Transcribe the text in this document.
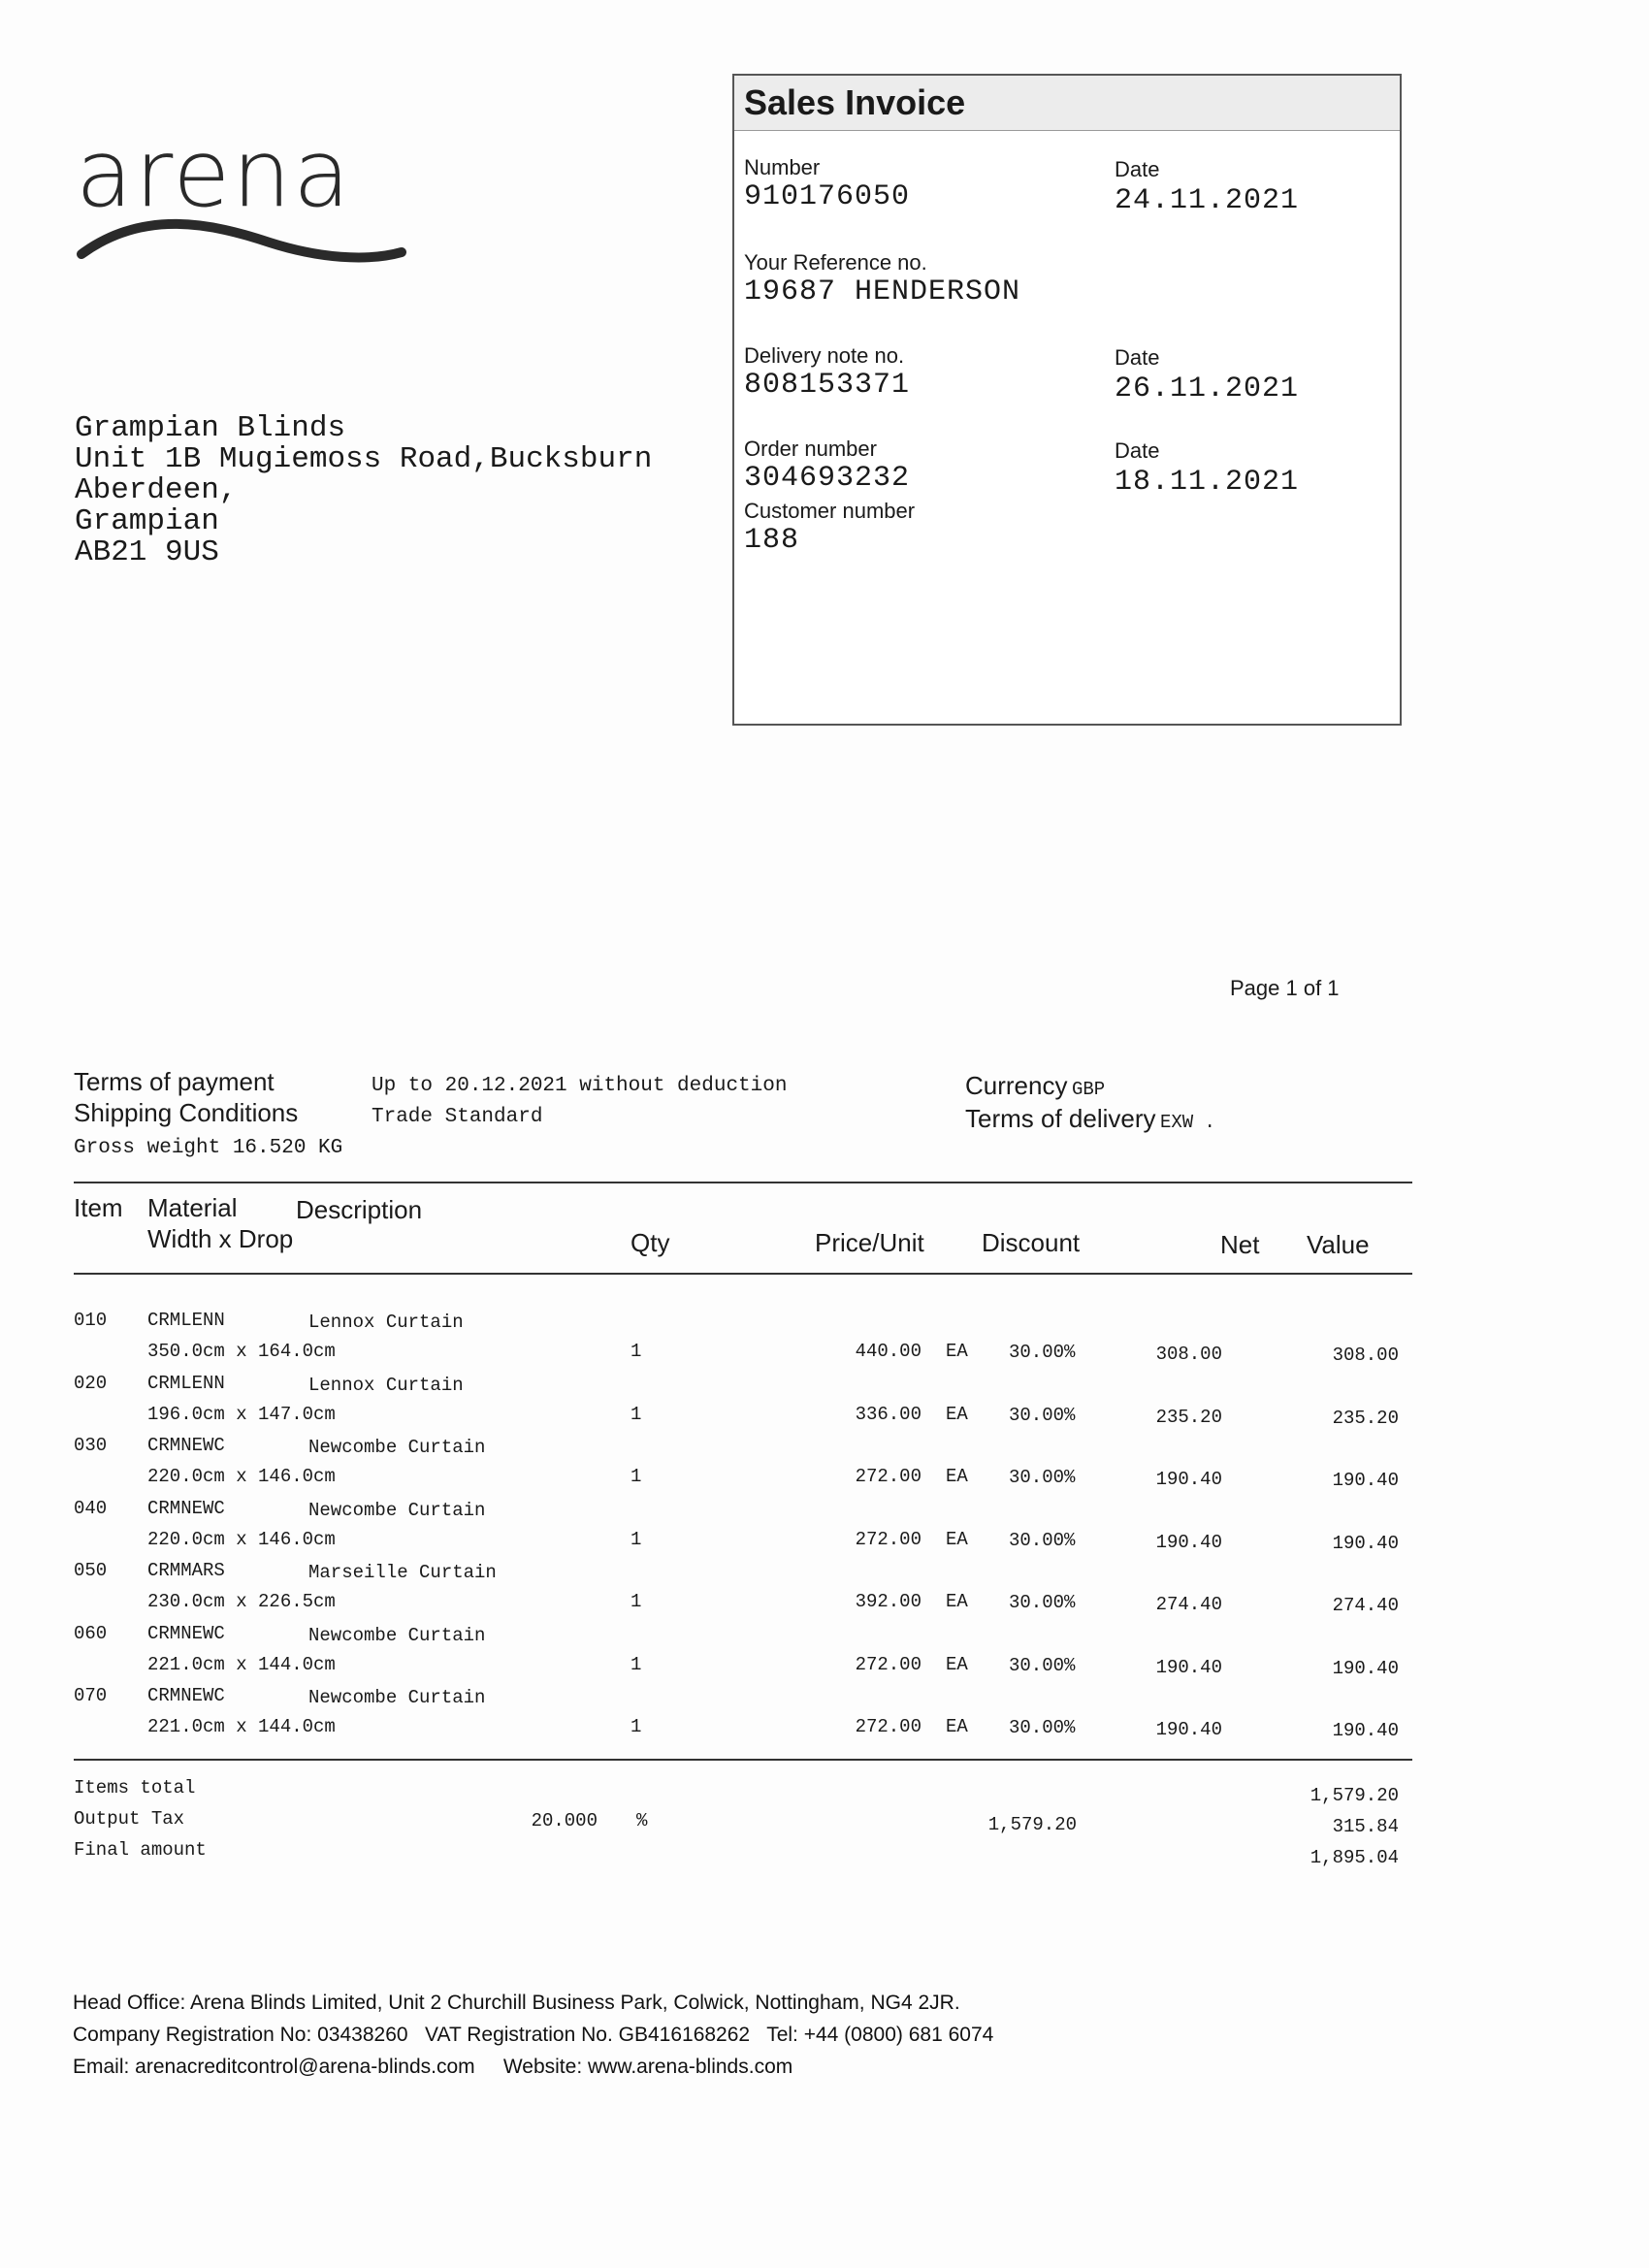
arena
Grampian Blinds
Unit 1B Mugiemoss Road,Bucksburn
Aberdeen,
Grampian
AB21 9US
Sales Invoice
Number
910176050
Date
24.11.2021
Your Reference no.
19687 HENDERSON
Delivery note no.
808153371
Date
26.11.2021
Order number
304693232
Date
18.11.2021
Customer number
188
Page 1 of 1
Terms of payment	Up to 20.12.2021 without deduction
Shipping Conditions	Trade Standard
Gross weight 16.520 KG
Currency GBP
Terms of delivery EXW .
Item Material Description
Width x Drop	Qty	Price/Unit Discount	Net Value
010 CRMLENN	Lennox Curtain
350.0cm x 164.0cm	1	440.00 EA 30.00%	308.00	308.00
020 CRMLENN	Lennox Curtain
196.0cm x 147.0cm	1	336.00 EA 30.00%	235.20	235.20
030 CRMNEWC	Newcombe Curtain
220.0cm x 146.0cm	1	272.00 EA 30.00%	190.40	190.40
040 CRMNEWC	Newcombe Curtain
220.0cm x 146.0cm	1	272.00 EA 30.00%	190.40	190.40
050 CRMMARS	Marseille Curtain
230.0cm x 226.5cm	1	392.00 EA 30.00%	274.40	274.40
060 CRMNEWC	Newcombe Curtain
221.0cm x 144.0cm	1	272.00 EA 30.00%	190.40	190.40
070 CRMNEWC	Newcombe Curtain
221.0cm x 144.0cm	1	272.00 EA 30.00%	190.40	190.40
Items total	1,579.20
Output Tax	20.000 %	1,579.20	315.84
Final amount	1,895.04
Head Office: Arena Blinds Limited, Unit 2 Churchill Business Park, Colwick, Nottingham, NG4 2JR.
Company Registration No: 03438260   VAT Registration No. GB416168262   Tel: +44 (0800) 681 6074
Email: arenacreditcontrol@arena-blinds.com     Website: www.arena-blinds.com
